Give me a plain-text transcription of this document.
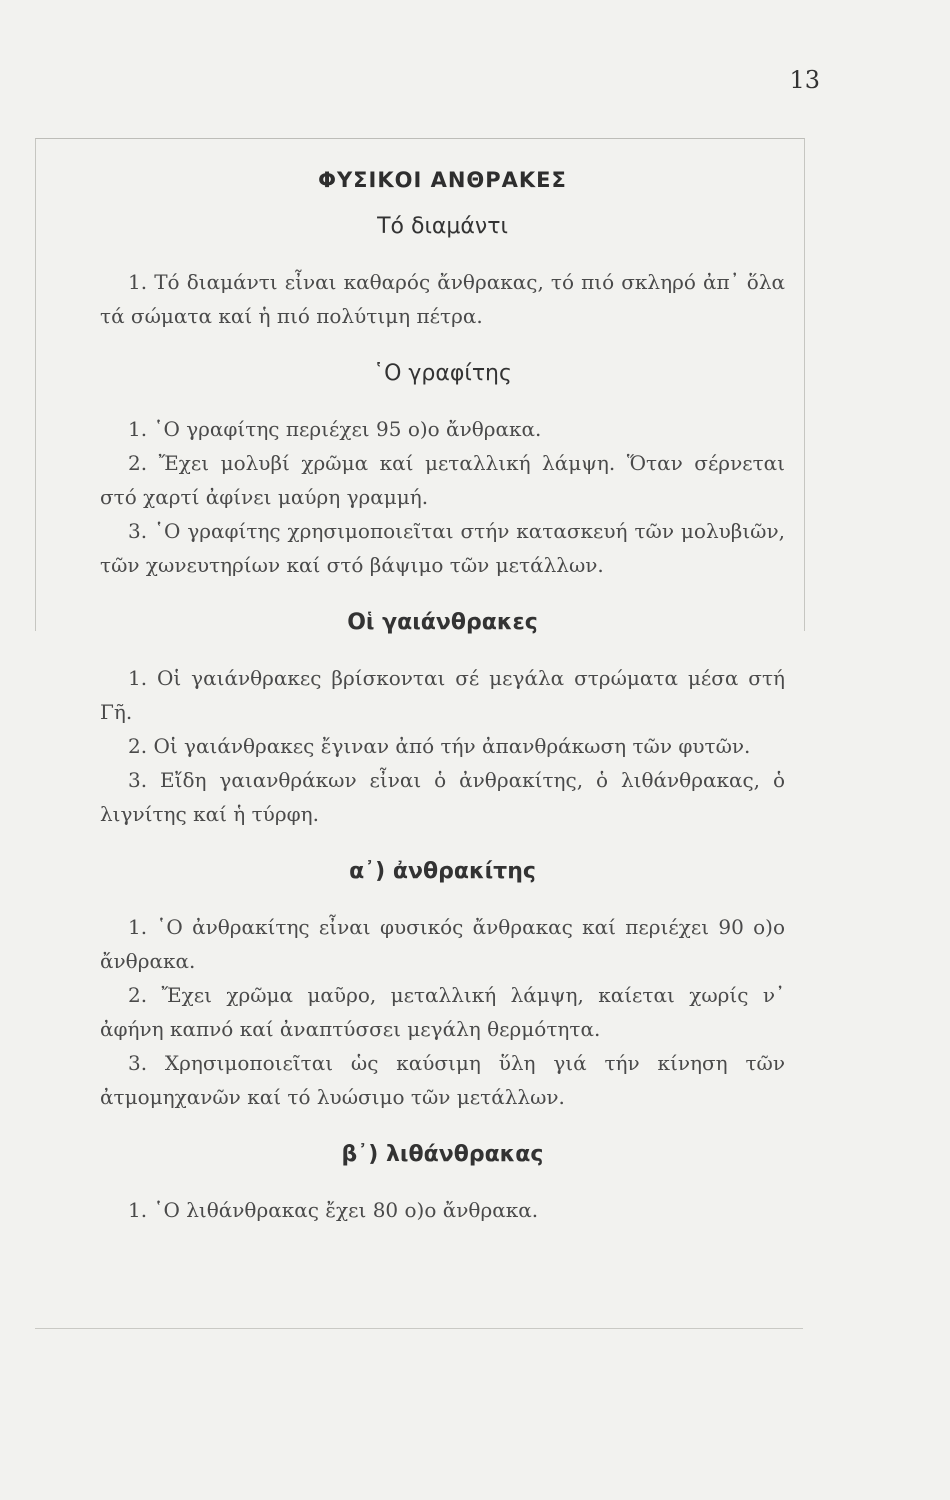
13
ΦΥΣΙΚΟΙ ΑΝΘΡΑΚΕΣ
Τό διαμάντι

1. Τό διαμάντι εἶναι καθαρός ἄνθρακας, τό πιό σκληρό ἀπ᾽ ὅλα τά σώματα καί ἡ πιό πολύτιμη πέτρα.

῾Ο γραφίτης

1. ῾Ο γραφίτης περιέχει 95 ο)ο ἄνθρακα.

2. Ἔχει μολυβί χρῶμα καί μεταλλική λάμψη. Ὅταν σέρνεται στό χαρτί ἀφίνει μαύρη γραμμή.

3. ῾Ο γραφίτης χρησιμοποιεῖται στήν κατασκευή τῶν μολυβιῶν, τῶν χωνευτηρίων καί στό βάψιμο τῶν μετάλλων.

Οἱ γαιάνθρακες

1. Οἱ γαιάνθρακες βρίσκονται σέ μεγάλα στρώματα μέσα στή Γῆ.

2. Οἱ γαιάνθρακες ἔγιναν ἀπό τήν ἀπανθράκωση τῶν φυτῶν.

3. Εἴδη γαιανθράκων εἶναι ὁ ἀνθρακίτης, ὁ λιθάνθρακας, ὁ λιγνίτης καί ἡ τύρφη.

α᾽) ἀνθρακίτης

1. ῾Ο ἀνθρακίτης εἶναι φυσικός ἄνθρακας καί περιέχει 90 ο)ο ἄνθρακα.

2. Ἔχει χρῶμα μαῦρο, μεταλλική λάμψη, καίεται χωρίς ν᾽ ἀφήνη καπνό καί ἀναπτύσσει μεγάλη θερμότητα.

3. Χρησιμοποιεῖται ὡς καύσιμη ὕλη γιά τήν κίνηση τῶν ἀτμομηχανῶν καί τό λυώσιμο τῶν μετάλλων.

β᾽) λιθάνθρακας

1. ῾Ο λιθάνθρακας ἔχει 80 ο)ο ἄνθρακα.
